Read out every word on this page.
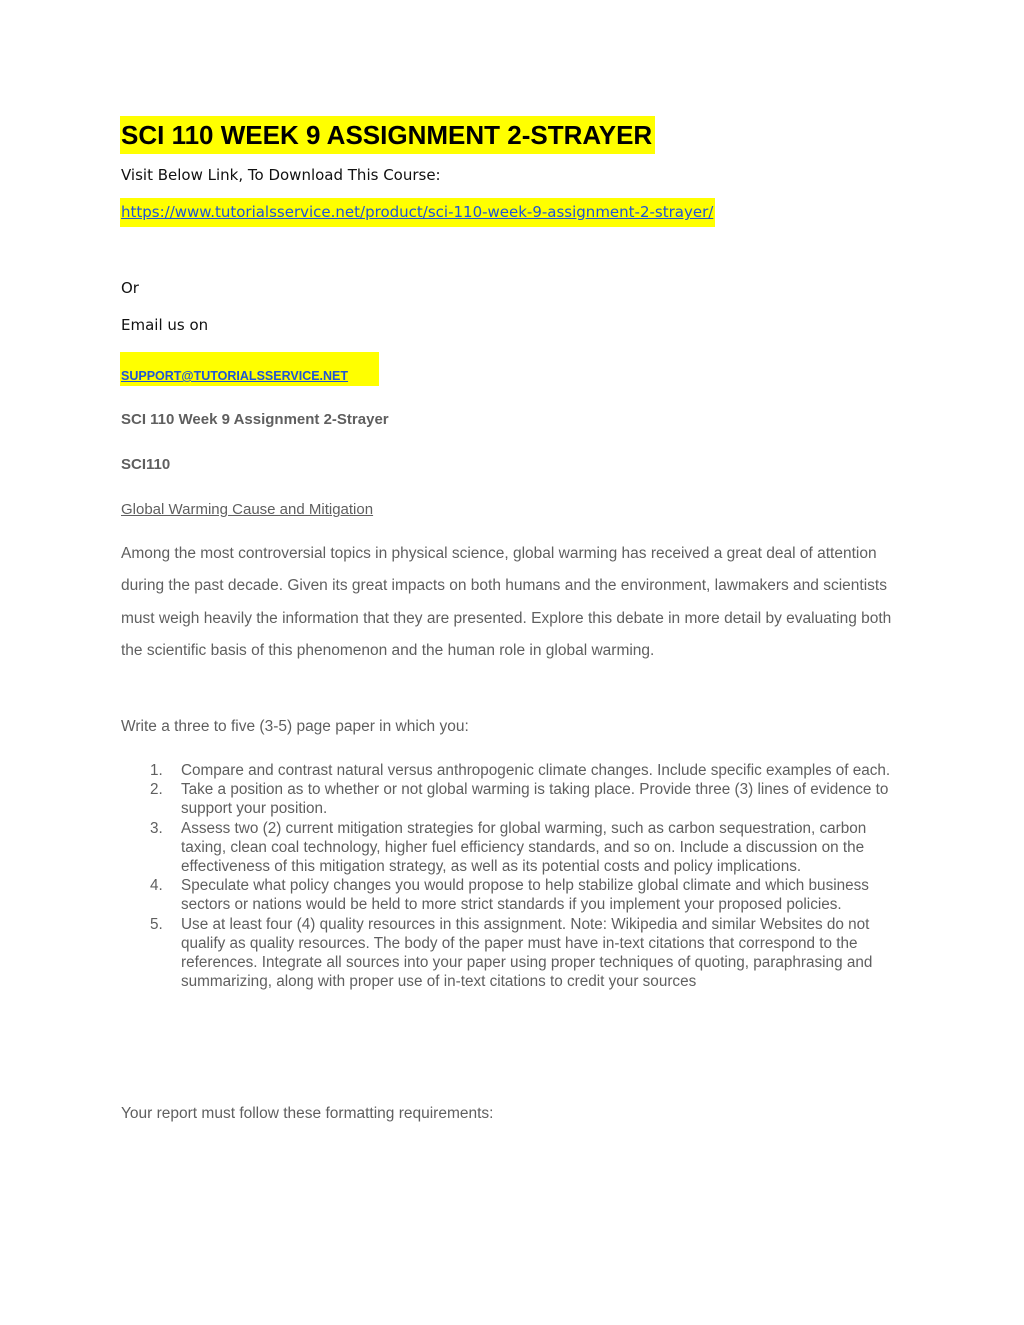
SCI 110 WEEK 9 ASSIGNMENT 2-STRAYER

Visit Below Link, To Download This Course:

https://www.tutorialsservice.net/product/sci-110-week-9-assignment-2-strayer/

Or

Email us on

SUPPORT@TUTORIALSSERVICE.NET

SCI 110 Week 9 Assignment 2-Strayer

SCI110

Global Warming Cause and Mitigation

Among the most controversial topics in physical science, global warming has received a great deal of attention during the past decade. Given its great impacts on both humans and the environment, lawmakers and scientists must weigh heavily the information that they are presented. Explore this debate in more detail by evaluating both the scientific basis of this phenomenon and the human role in global warming.

Write a three to five (3-5) page paper in which you:

1. Compare and contrast natural versus anthropogenic climate changes. Include specific examples of each.
2. Take a position as to whether or not global warming is taking place. Provide three (3) lines of evidence to support your position.
3. Assess two (2) current mitigation strategies for global warming, such as carbon sequestration, carbon taxing, clean coal technology, higher fuel efficiency standards, and so on. Include a discussion on the effectiveness of this mitigation strategy, as well as its potential costs and policy implications.
4. Speculate what policy changes you would propose to help stabilize global climate and which business sectors or nations would be held to more strict standards if you implement your proposed policies.
5. Use at least four (4) quality resources in this assignment. Note: Wikipedia and similar Websites do not qualify as quality resources. The body of the paper must have in-text citations that correspond to the references. Integrate all sources into your paper using proper techniques of quoting, paraphrasing and summarizing, along with proper use of in-text citations to credit your sources

Your report must follow these formatting requirements:
